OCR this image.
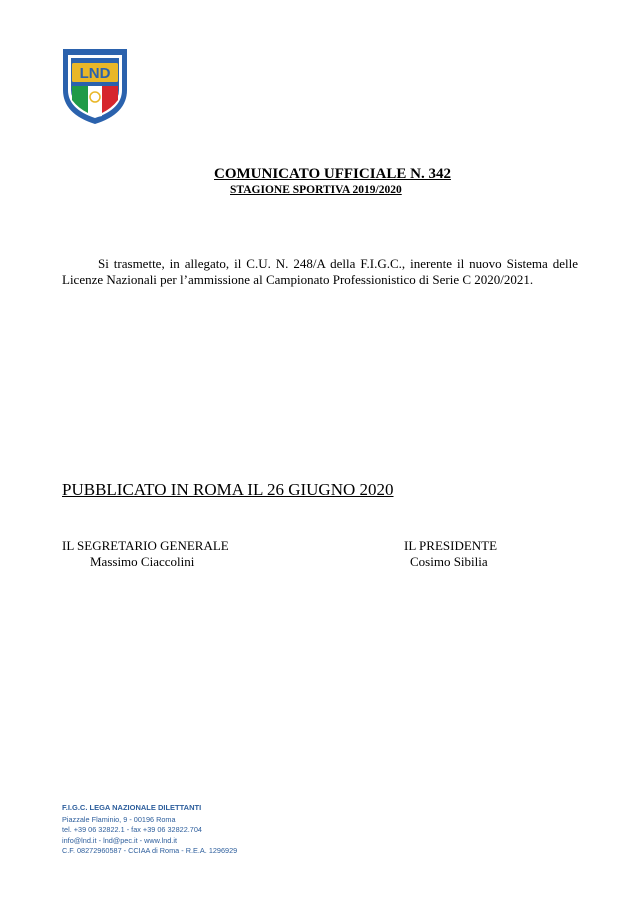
LND
COMUNICATO UFFICIALE N. 342
STAGIONE SPORTIVA 2019/2020
Si trasmette, in allegato, il C.U. N. 248/A della F.I.G.C., inerente il nuovo Sistema delle Licenze Nazionali per l’ammissione al Campionato Professionistico di Serie C 2020/2021.
PUBBLICATO IN ROMA IL 26 GIUGNO 2020
IL SEGRETARIO GENERALE
Massimo Ciaccolini
IL PRESIDENTE
Cosimo Sibilia
F.I.G.C. LEGA NAZIONALE DILETTANTI
Piazzale Flaminio, 9 - 00196 Roma
tel. +39 06 32822.1 - fax +39 06 32822.704
info@lnd.it - lnd@pec.it - www.lnd.it
C.F. 08272960587 - CCIAA di Roma - R.E.A. 1296929
